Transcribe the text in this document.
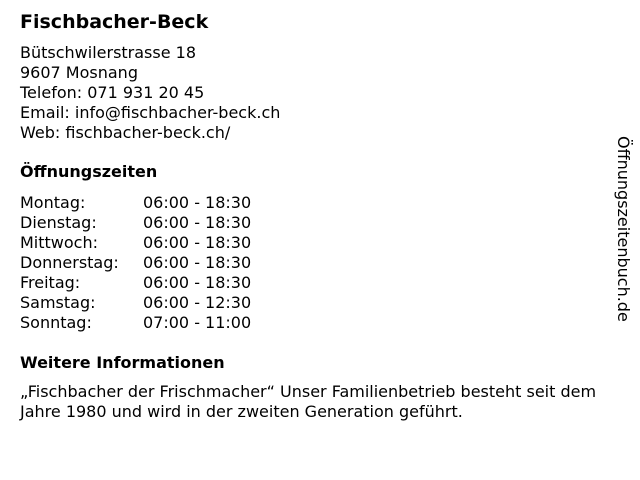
Fischbacher-Beck
Bütschwilerstrasse 18
9607 Mosnang
Telefon: 071 931 20 45
Email: info@fischbacher-beck.ch
Web: fischbacher-beck.ch/
Öffnungszeiten
Montag:	06:00 - 18:30
Dienstag:	06:00 - 18:30
Mittwoch:	06:00 - 18:30
Donnerstag:	06:00 - 18:30
Freitag:	06:00 - 18:30
Samstag:	06:00 - 12:30
Sonntag:	07:00 - 11:00
Weitere Informationen

„Fischbacher der Frischmacher“ Unser Familienbetrieb besteht seit dem Jahre 1980 und wird in der zweiten Generation geführt.

Öffnungszeitenbuch.de
